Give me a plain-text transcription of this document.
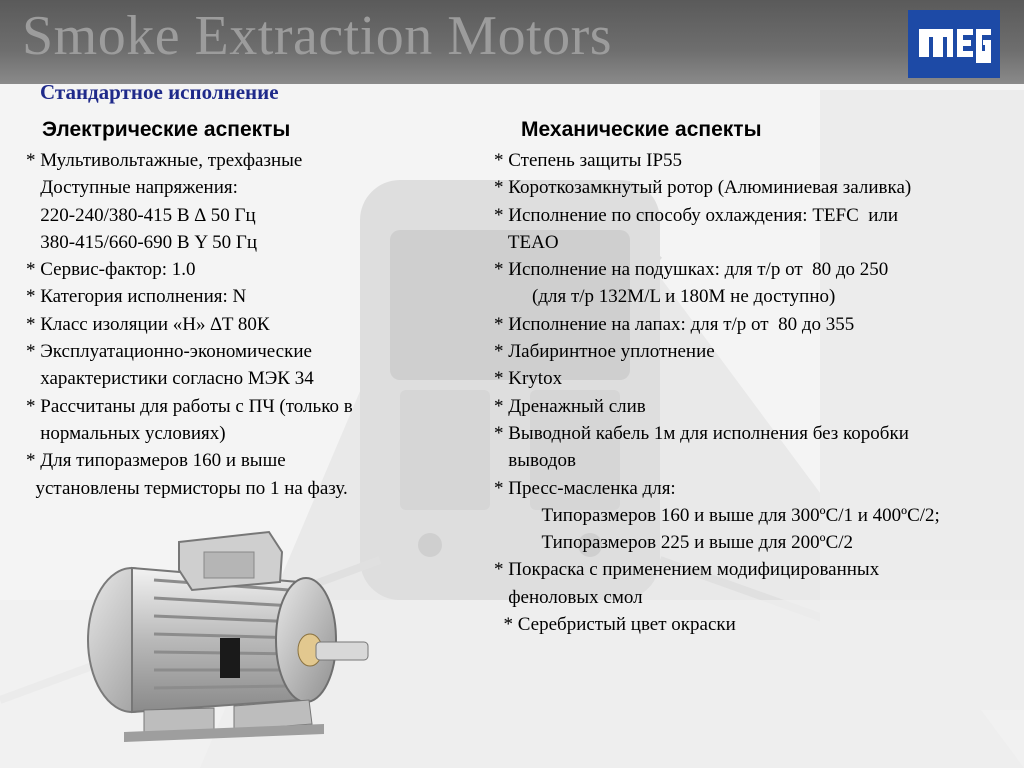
Smoke Extraction Motors
Стандартное исполнение
Электрические аспекты
* Мультивольтажные, трехфазные
Доступные напряжения:
220-240/380-415 В ∆ 50 Гц
380-415/660-690 В Y 50 Гц
* Сервис-фактор: 1.0
* Категория исполнения: N
* Класс изоляции «Н» ∆T 80К
* Эксплуатационно-экономические
характеристики согласно МЭК 34
* Рассчитаны для работы с ПЧ (только в
нормальных условиях)
* Для типоразмеров 160 и выше
установлены термисторы по 1 на фазу.
Механические аспекты
* Степень защиты IP55
* Короткозамкнутый ротор (Алюминиевая заливка)
* Исполнение по способу охлаждения: TEFC  или
TEAO
* Исполнение на подушках: для т/р от  80 до 250
(для т/р 132M/L и 180M не доступно)
* Исполнение на лапах: для т/р от  80 до 355
* Лабиринтное уплотнение
* Krytox
* Дренажный слив
* Выводной кабель 1м для исполнения без коробки
выводов
* Пресс-масленка для:
Типоразмеров 160 и выше для 300ºC/1 и 400ºC/2;
Типоразмеров 225 и выше для 200ºC/2
* Покраска с применением модифицированных
феноловых смол
* Серебристый цвет окраски
